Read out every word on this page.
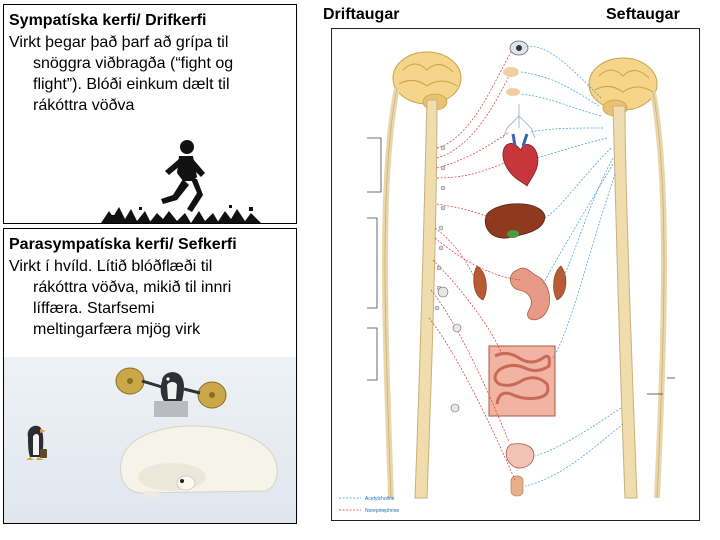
Sympatíska kerfi/ Drifkerfi
Virkt þegar það þarf að grípa til
snöggra viðbragða (“fight og
flight”). Blóði einkum dælt til
rákóttra vöðva
Parasympatíska kerfi/ Sefkerfi
Virkt í hvíld. Lítið blóðflæði til
rákóttra vöðva, mikið til innri
líffæra. Starfsemi
meltingarfæra mjög virk
Driftaugar	Seftaugar
Acetylcholine
Norepinephrine
